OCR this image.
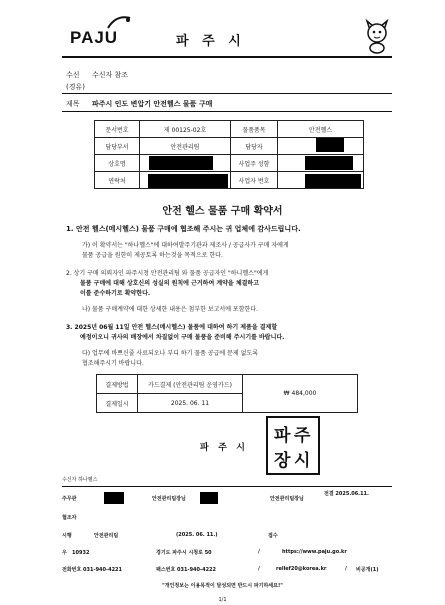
PAJU	파   주   시
수신 수신자 참조
(경유)
제목 파주시 인도 변압기 안전헬스 물품 구매
문서번호	제 00125-02호	물품품목	안전헬스
담당부서	안전관리팀	담당자	
상호명		사업주 성함	
연락처		사업자 번호	
안전 헬스 물품 구매 확약서
1. 안전 헬스(메시헬스) 물품 구매에 협조해 주시는 귀 업체에 감사드립니다.
가) 이 확약서는 "하나헬스"에 대하여발주기관과 제조사 / 공급사가 구매 자에게
물품 공급을 원한히 제공토록 하는것을 목적으로 한다.
2. 상기 구매 의뢰자인 파주시청 안전관리팀 와 물품 공급자인 "하니헬스"에게
물품 구매에 대해 상호신의 성실의 원칙에 근거하여 계약을 체결하고
이를 준수하기로 확약한다.
나) 물품 구매계약에 대한 상세한 내용은 첨부한 보고서에 포함한다.
3. 2025년 06월 11일 안전 헬스(메시헬스) 물품에 대하여 하기 제품을 결제할
예정이오니 귀사의 배장에서 차질없이 구매 물품을 준비해 주시기를 바랍니다.
다) 업무에 바쁘신줄 사료되오나 부디 하기 물품 공급에 문제 없도록
협조해주시기 바랍니다.
결제방법	카드결제 (안전관리팀 운영카드)	₩ 484,000
결제일시	2025. 06. 11	
파   주   시
파 주
장 시
수신자 하나헬스
주무관	안전관리팀장님	안전관리팀장님
전결 2025.06.11.
협조자
시행	안전관리팀	(2025. 06. 11.)	접수
우   10932	경기도 파주시 시청로 50	/	https://www.paju.go.kr
전화번호 031-940-4221	팩스번호 031-940-4222	/	rellef20@korea.kr	/ 비공개(1)
"개인정보는 이용목적이 달성되면 반드시 파기하세요!"
1/1
